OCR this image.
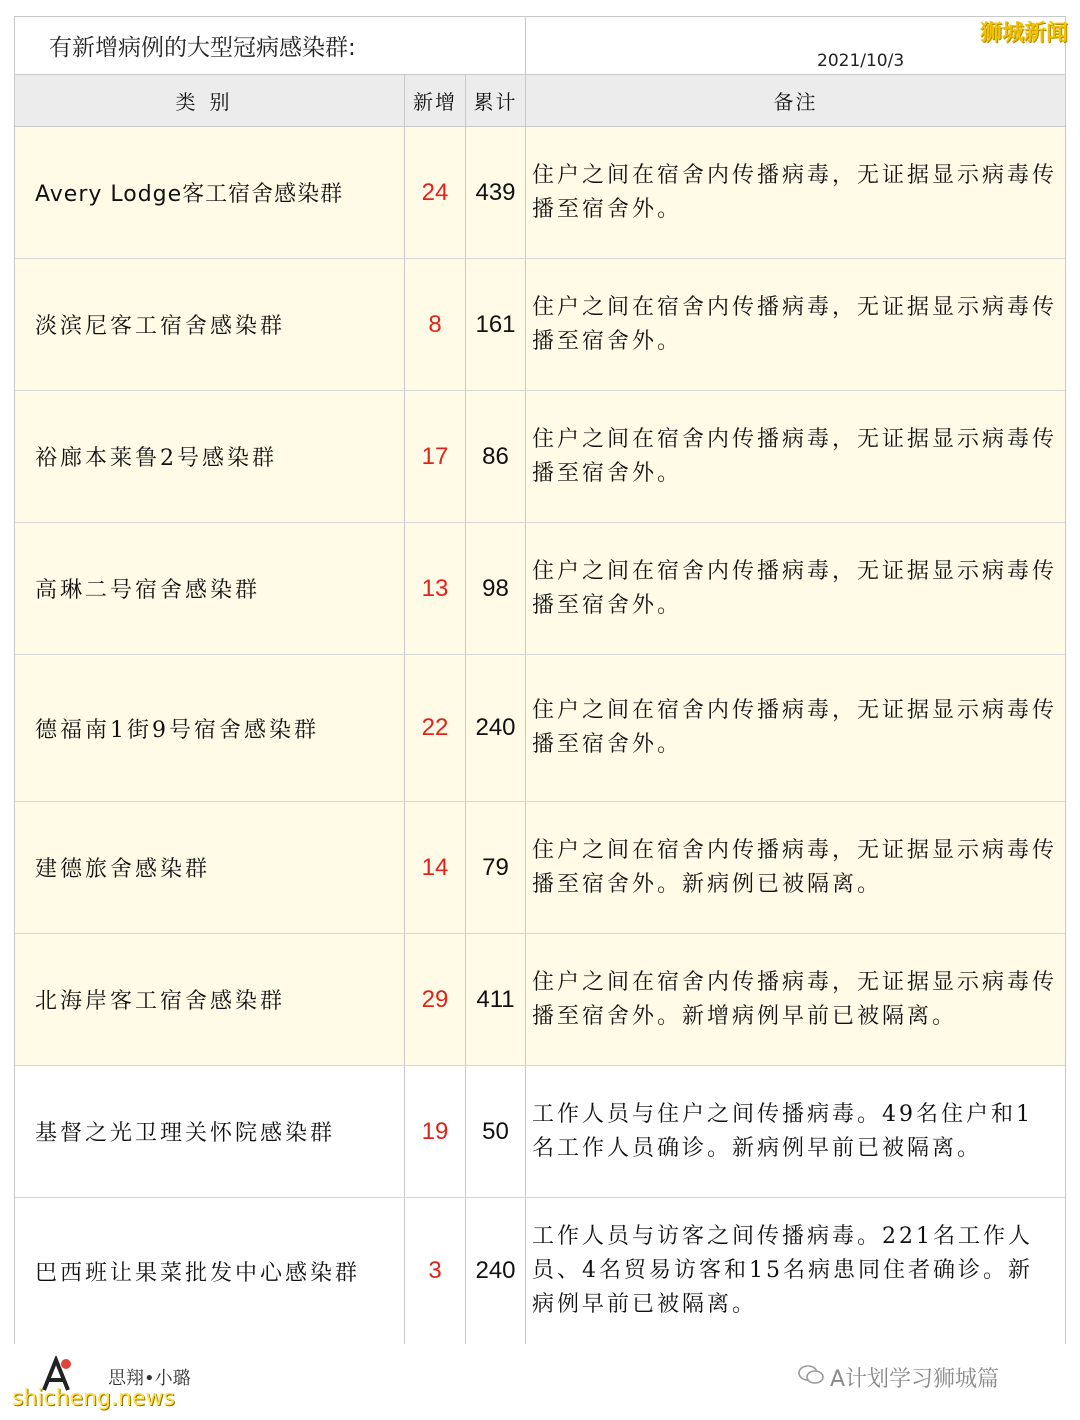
有新增病例的大型冠病感染群:	2021/10/3
类别	新增 累计	备注
Avery Lodge客工宿舍感染群	24	439
住户之间在宿舍内传播病毒，无证据显示病毒传播至宿舍外。
淡滨尼客工宿舍感染群	8	161
住户之间在宿舍内传播病毒，无证据显示病毒传播至宿舍外。
裕廊本莱鲁2号感染群	17	86
住户之间在宿舍内传播病毒，无证据显示病毒传播至宿舍外。
高琳二号宿舍感染群	13	98
住户之间在宿舍内传播病毒，无证据显示病毒传播至宿舍外。
德福南1街9号宿舍感染群	22	240
住户之间在宿舍内传播病毒，无证据显示病毒传播至宿舍外。
建德旅舍感染群	14	79
住户之间在宿舍内传播病毒，无证据显示病毒传播至宿舍外。新病例已被隔离。
北海岸客工宿舍感染群	29	411
住户之间在宿舍内传播病毒，无证据显示病毒传播至宿舍外。新增病例早前已被隔离。
基督之光卫理关怀院感染群	19	50
工作人员与住户之间传播病毒。49名住户和1名工作人员确诊。新病例早前已被隔离。
巴西班让果菜批发中心感染群	3	240
工作人员与访客之间传播病毒。221名工作人员、4名贸易访客和15名病患同住者确诊。新病例早前已被隔离。
狮城新闻
思翔•小璐	A计划学习狮城篇
shicheng.news
